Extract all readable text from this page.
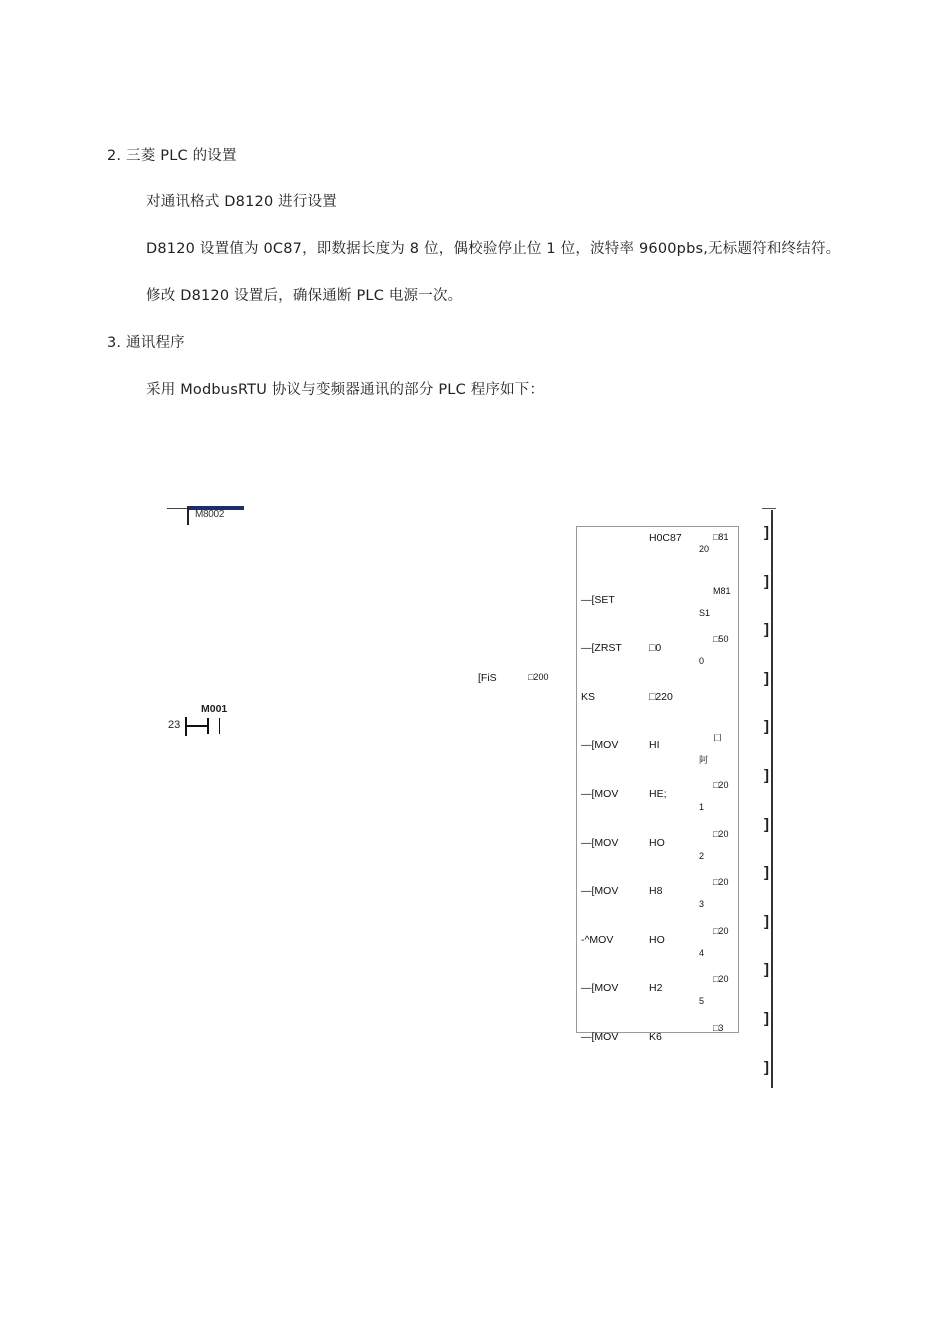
2. 三菱 PLC 的设置
对通讯格式 D8120 进行设置
D8120 设置值为 0C87，即数据长度为 8 位，偶校验停止位 1 位，波特率 9600pbs,无标题符和终结符。
修改 D8120 设置后，确保通断 PLC 电源一次。
3. 通讯程序
采用 ModbusRTU 协议与变频器通讯的部分 PLC 程序如下：
M8002
M001
23
[FiS	□200
H0C87	□81
20
—[SET
M81
S1
—[ZRST	□0
□50
0
KS	□220
—[MOV	HI
口
阿
—[MOV	HE;
□20
1
—[MOV	HO
□20
2
—[MOV	H8
□20
3
-^MOV	HO
□20
4
—[MOV	H2
□20
5
—[MOV	K6
□3
]
]
]
]
]
]
]
]
]
]
]
]
